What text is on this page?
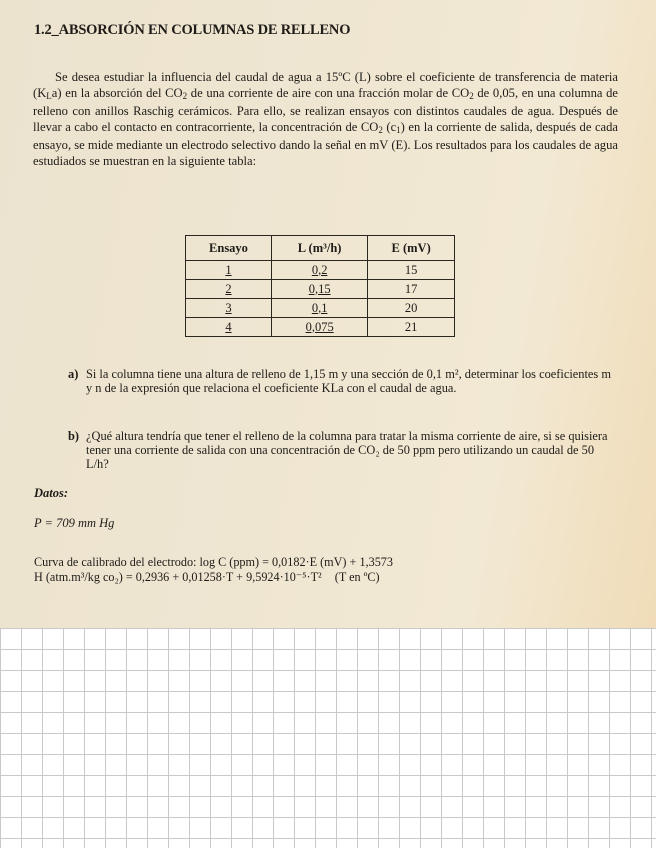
1.2_ABSORCIÓN EN COLUMNAS DE RELLENO

Se desea estudiar la influencia del caudal de agua a 15ºC (L) sobre el coeficiente de transferencia de materia $(K_La)$ en la absorción del $CO_2$ de una corriente de aire con una fracción molar de $CO_2$ de 0,05, en una columna de relleno con anillos Raschig cerámicos. Para ello, se realizan ensayos con distintos caudales de agua. Después de llevar a cabo el contacto en contracorriente, la concentración de $CO_2$ $(c_1)$ en la corriente de salida, después de cada ensayo, se mide mediante un electrodo selectivo dando la señal en mV (E). Los resultados para los caudales de agua estudiados se muestran en la siguiente tabla:

Ensayo	L (m³/h)	E (mV)
1	0,2	15
2	0,15	17
3	0,1	20
4	0,075	21
a) Si la columna tiene una altura de relleno de 1,15 m y una sección de 0,1 m², determinar los coeficientes m y n de la expresión que relaciona el coeficiente KLa con el caudal de agua.
b) ¿Qué altura tendría que tener el relleno de la columna para tratar la misma corriente de aire, si se quisiera tener una corriente de salida con una concentración de CO₂ de 50 ppm pero utilizando un caudal de 50 L/h?
Datos:
P = 709 mm Hg
Curva de calibrado del electrodo: log C (ppm) = 0,0182·E (mV) + 1,3573
H (atm.m³/kg co₂) = 0,2936 + 0,01258·T + 9,5924·10⁻⁵·T² (T en ºC)
